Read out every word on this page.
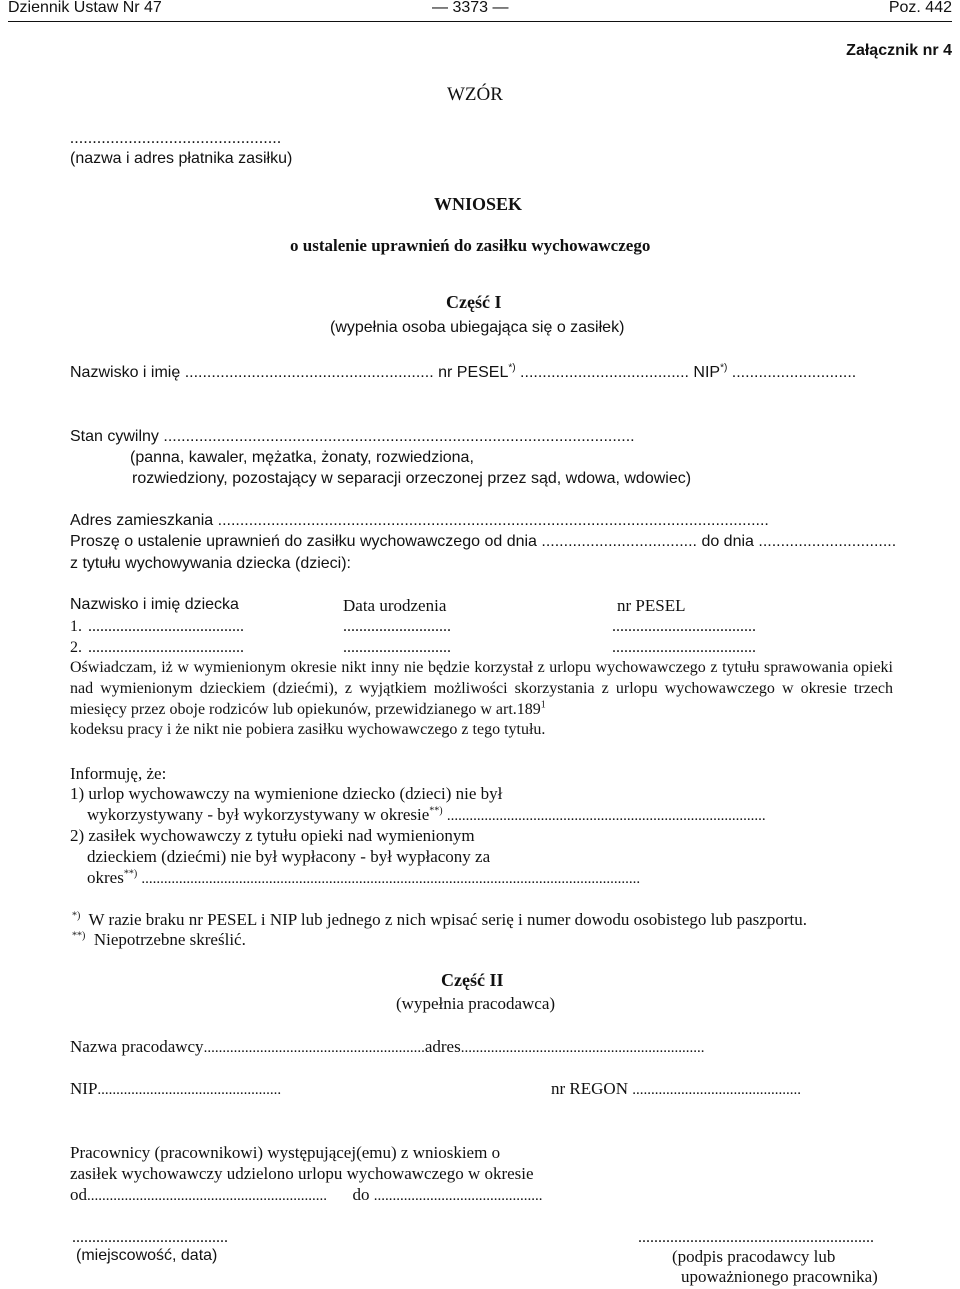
Dziennik Ustaw Nr 47	— 3373 —	Poz. 442
Załącznik nr 4
WZÓR
...............................................
(nazwa i adres płatnika zasiłku)
WNIOSEK
o ustalenie uprawnień do zasiłku wychowawczego
Część I
(wypełnia osoba ubiegająca się o zasiłek)
Nazwisko i imię ........................................................ nr PESEL*) ...................................... NIP*) ............................
Stan cywilny ..........................................................................................................
(panna, kawaler, mężatka, żonaty, rozwiedziona,
rozwiedziony, pozostający w separacji orzeczonej przez sąd, wdowa, wdowiec)
Adres zamieszkania ............................................................................................................................
Proszę o ustalenie uprawnień do zasiłku wychowawczego od dnia ................................... do dnia ...............................
z tytułu wychowywania dziecka (dzieci):
Nazwisko i imię dziecka	Data urodzenia	nr PESEL
1. .......................................	...........................	....................................
2. .......................................	...........................	....................................
Oświadczam, iż w wymienionym okresie nikt inny nie będzie korzystał z urlopu wychowawczego z tytułu sprawowania opieki nad wymienionym dzieckiem (dziećmi), z wyjątkiem możliwości skorzystania z urlopu wychowawczego w okresie trzech miesięcy przez oboje rodziców lub opiekunów, przewidzianego w art.189$^1$
kodeksu pracy i że nikt nie pobiera zasiłku wychowawczego z tego tytułu.
Informuję, że:
1) urlop wychowawczy na wymienione dziecko (dzieci) nie był
wykorzystywany - był wykorzystywany w okresie**) .....................................................................................
2) zasiłek wychowawczy z tytułu opieki nad wymienionym
dzieckiem (dziećmi) nie był wypłacony - był wypłacony za
okres**) .....................................................................................................................................
*) W razie braku nr PESEL i NIP lub jednego z nich wpisać serię i numer dowodu osobistego lub paszportu.
**) Niepotrzebne skreślić.
Część II
(wypełnia pracodawca)
Nazwa pracodawcy...........................................................adres.................................................................
NIP.................................................	nr REGON .............................................
Pracownicy (pracownikowi) występującej(emu) z wnioskiem o
zasiłek wychowawczy udzielono urlopu wychowawczego w okresie
od................................................................ do .............................................
.......................................
(miejscowość, data)
...........................................................
(podpis pracodawcy lub
upoważnionego pracownika)
